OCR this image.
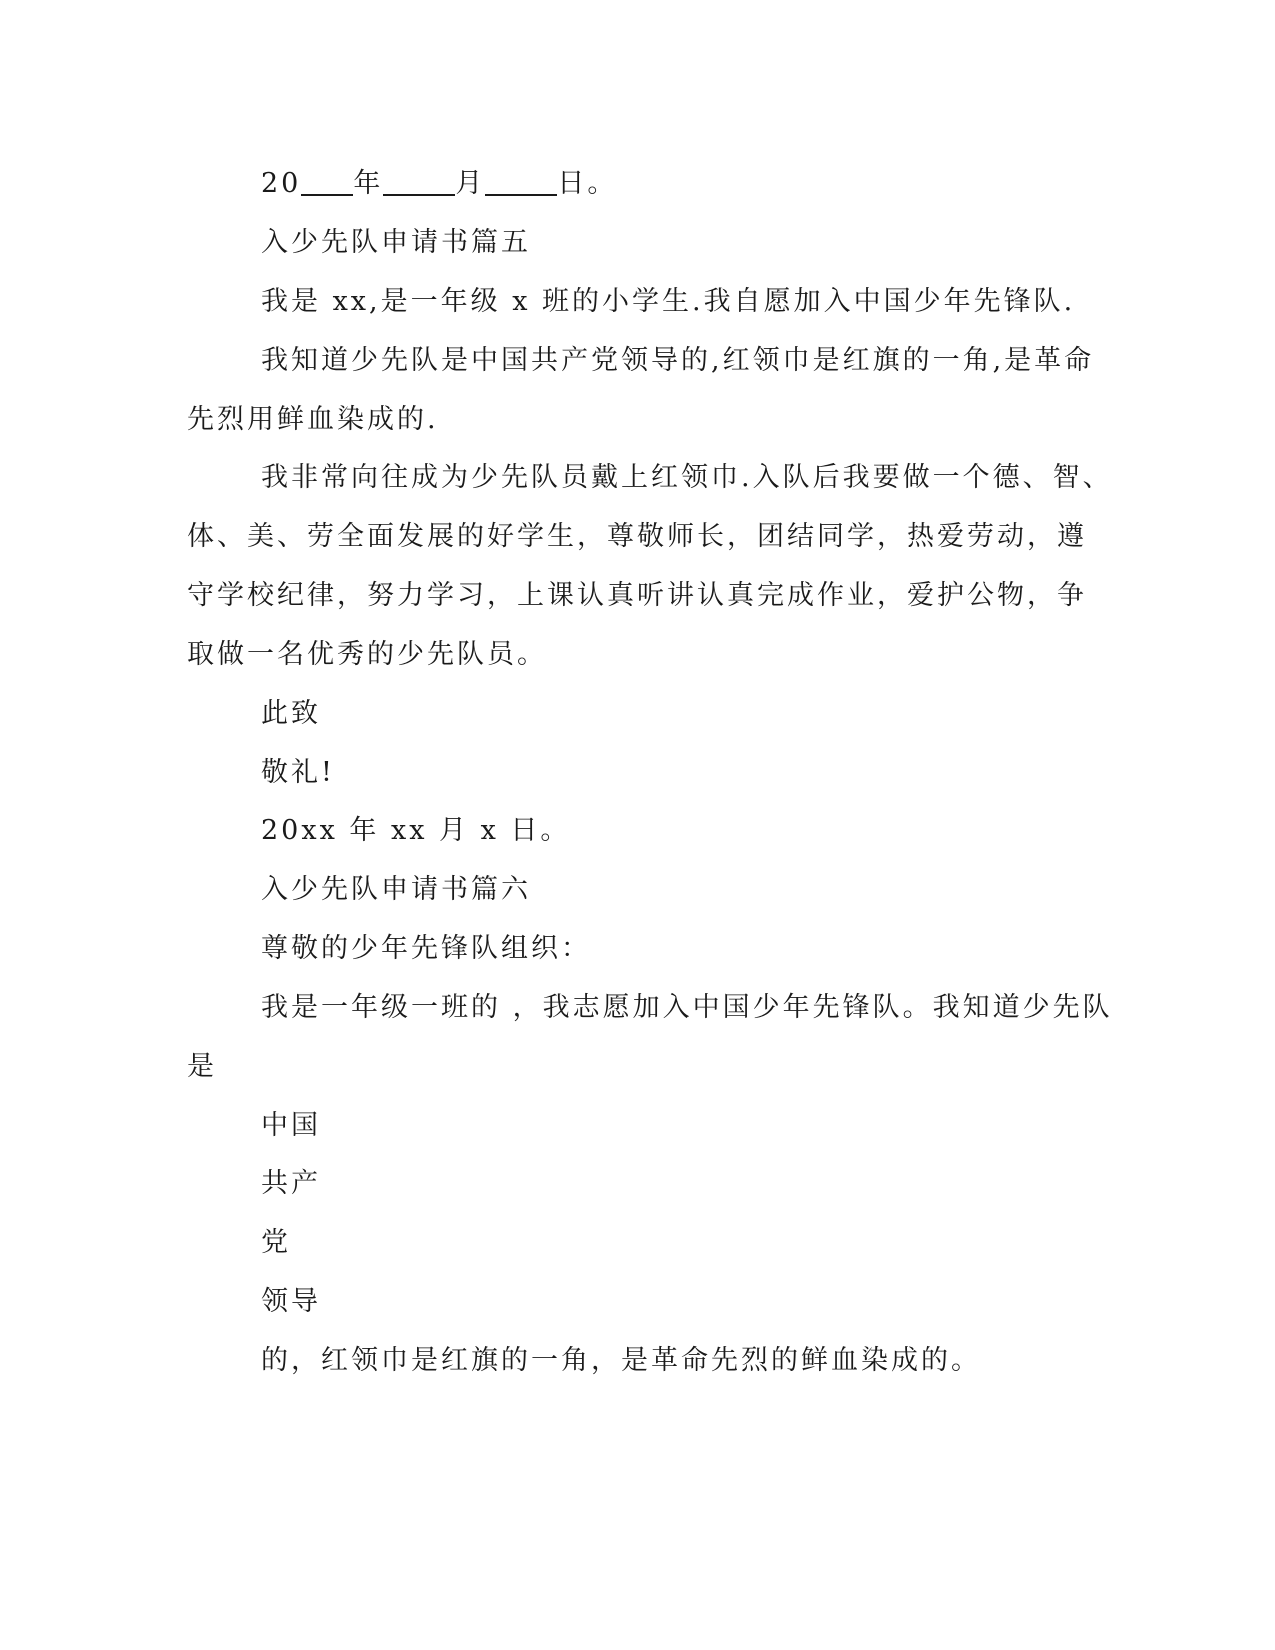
20 年	月	日。
入少先队申请书篇五
我是 xx,是一年级 x 班的小学生.我自愿加入中国少年先锋队.
我知道少先队是中国共产党领导的,红领巾是红旗的一角,是革命
先烈用鲜血染成的.
我非常向往成为少先队员戴上红领巾.入队后我要做一个德、智、
体、美、劳全面发展的好学生，尊敬师长，团结同学，热爱劳动，遵
守学校纪律，努力学习，上课认真听讲认真完成作业，爱护公物，争
取做一名优秀的少先队员。
此致
敬礼!
20xx 年 xx 月 x 日。
入少先队申请书篇六
尊敬的少年先锋队组织：
我是一年级一班的 ，我志愿加入中国少年先锋队。我知道少先队
是
中国
共产
党
领导
的，红领巾是红旗的一角，是革命先烈的鲜血染成的。
